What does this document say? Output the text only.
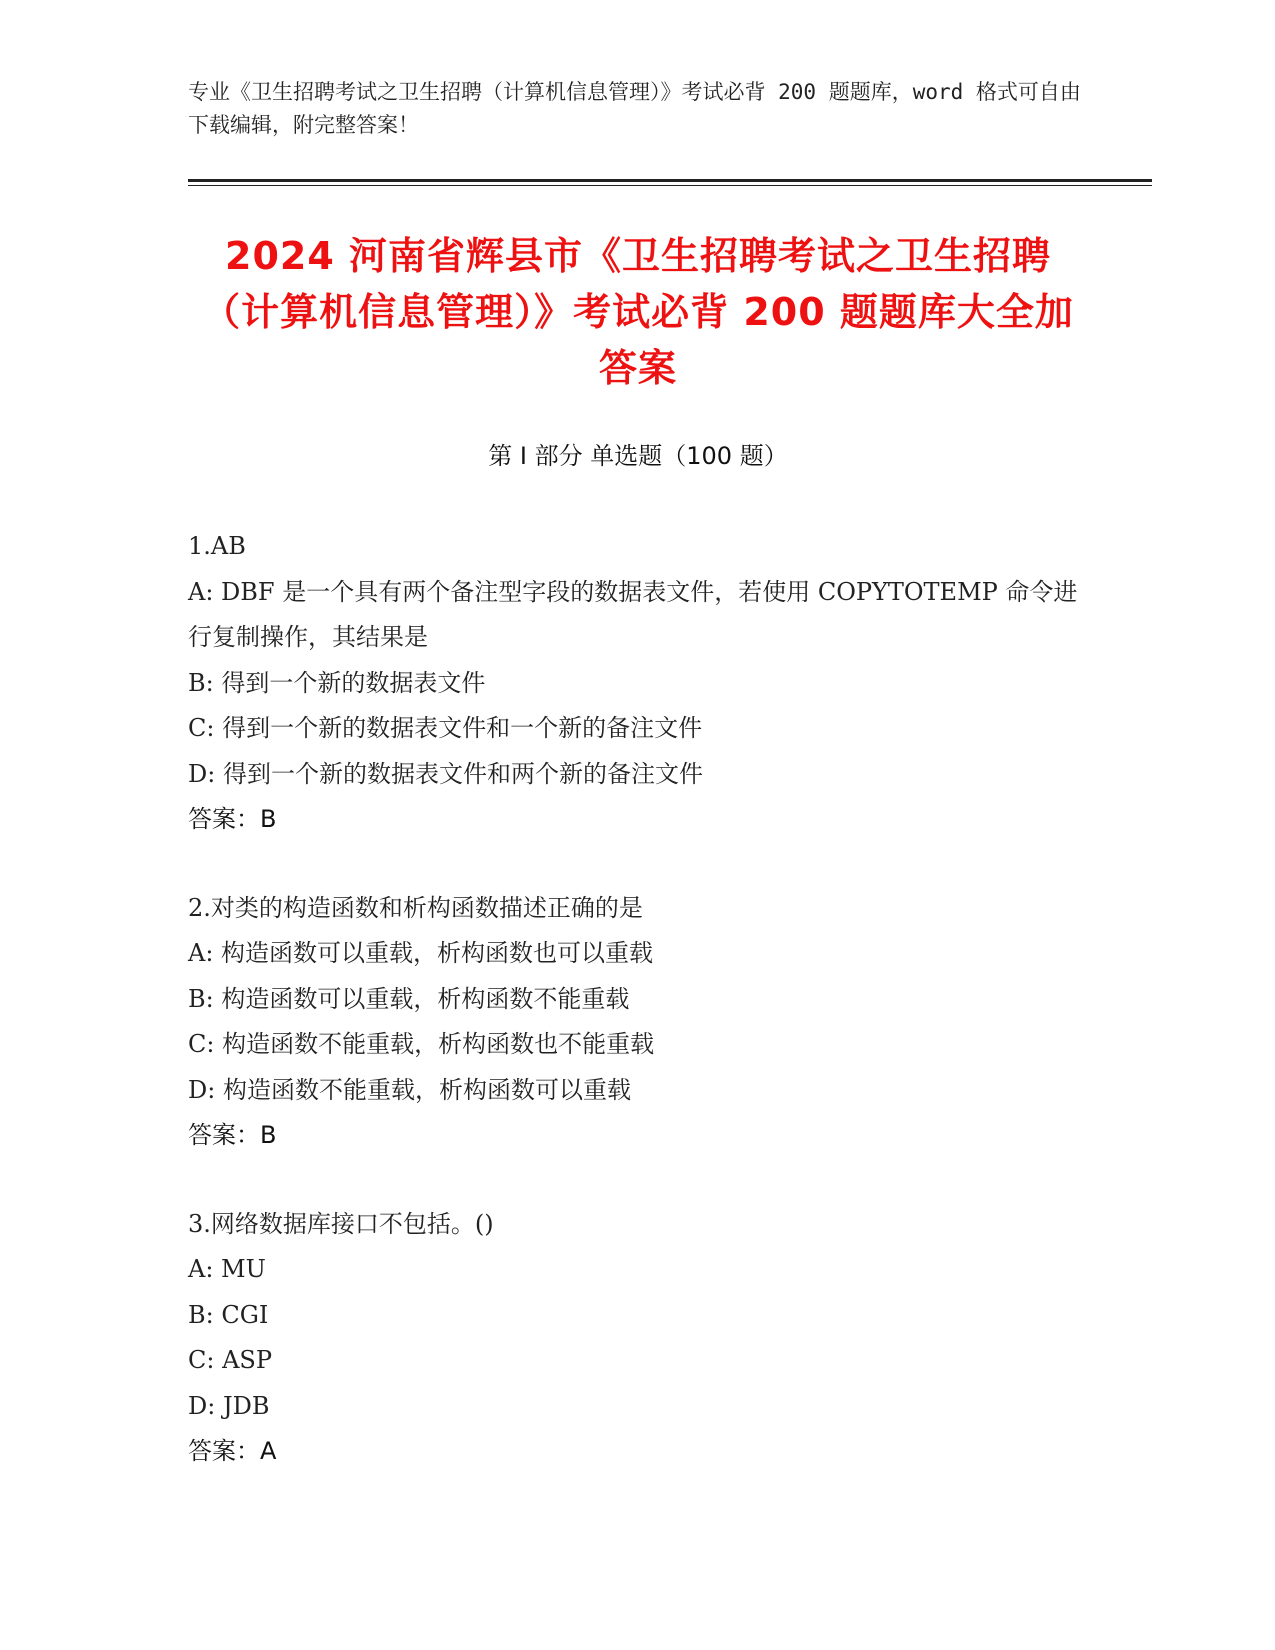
专业《卫生招聘考试之卫生招聘（计算机信息管理）》考试必背 200 题题库，word 格式可自由下载编辑，附完整答案！
2024 河南省辉县市《卫生招聘考试之卫生招聘（计算机信息管理）》考试必背 200 题题库大全加答案
第 I 部分 单选题（100 题）
1.AB
A: DBF 是一个具有两个备注型字段的数据表文件，若使用 COPYTOTEMP 命令进行复制操作，其结果是
B: 得到一个新的数据表文件
C: 得到一个新的数据表文件和一个新的备注文件
D: 得到一个新的数据表文件和两个新的备注文件
答案：B
2.对类的构造函数和析构函数描述正确的是
A: 构造函数可以重载，析构函数也可以重载
B: 构造函数可以重载，析构函数不能重载
C: 构造函数不能重载，析构函数也不能重载
D: 构造函数不能重载，析构函数可以重载
答案：B
3.网络数据库接口不包括。()
A: MU
B: CGI
C: ASP
D: JDB
答案：A
